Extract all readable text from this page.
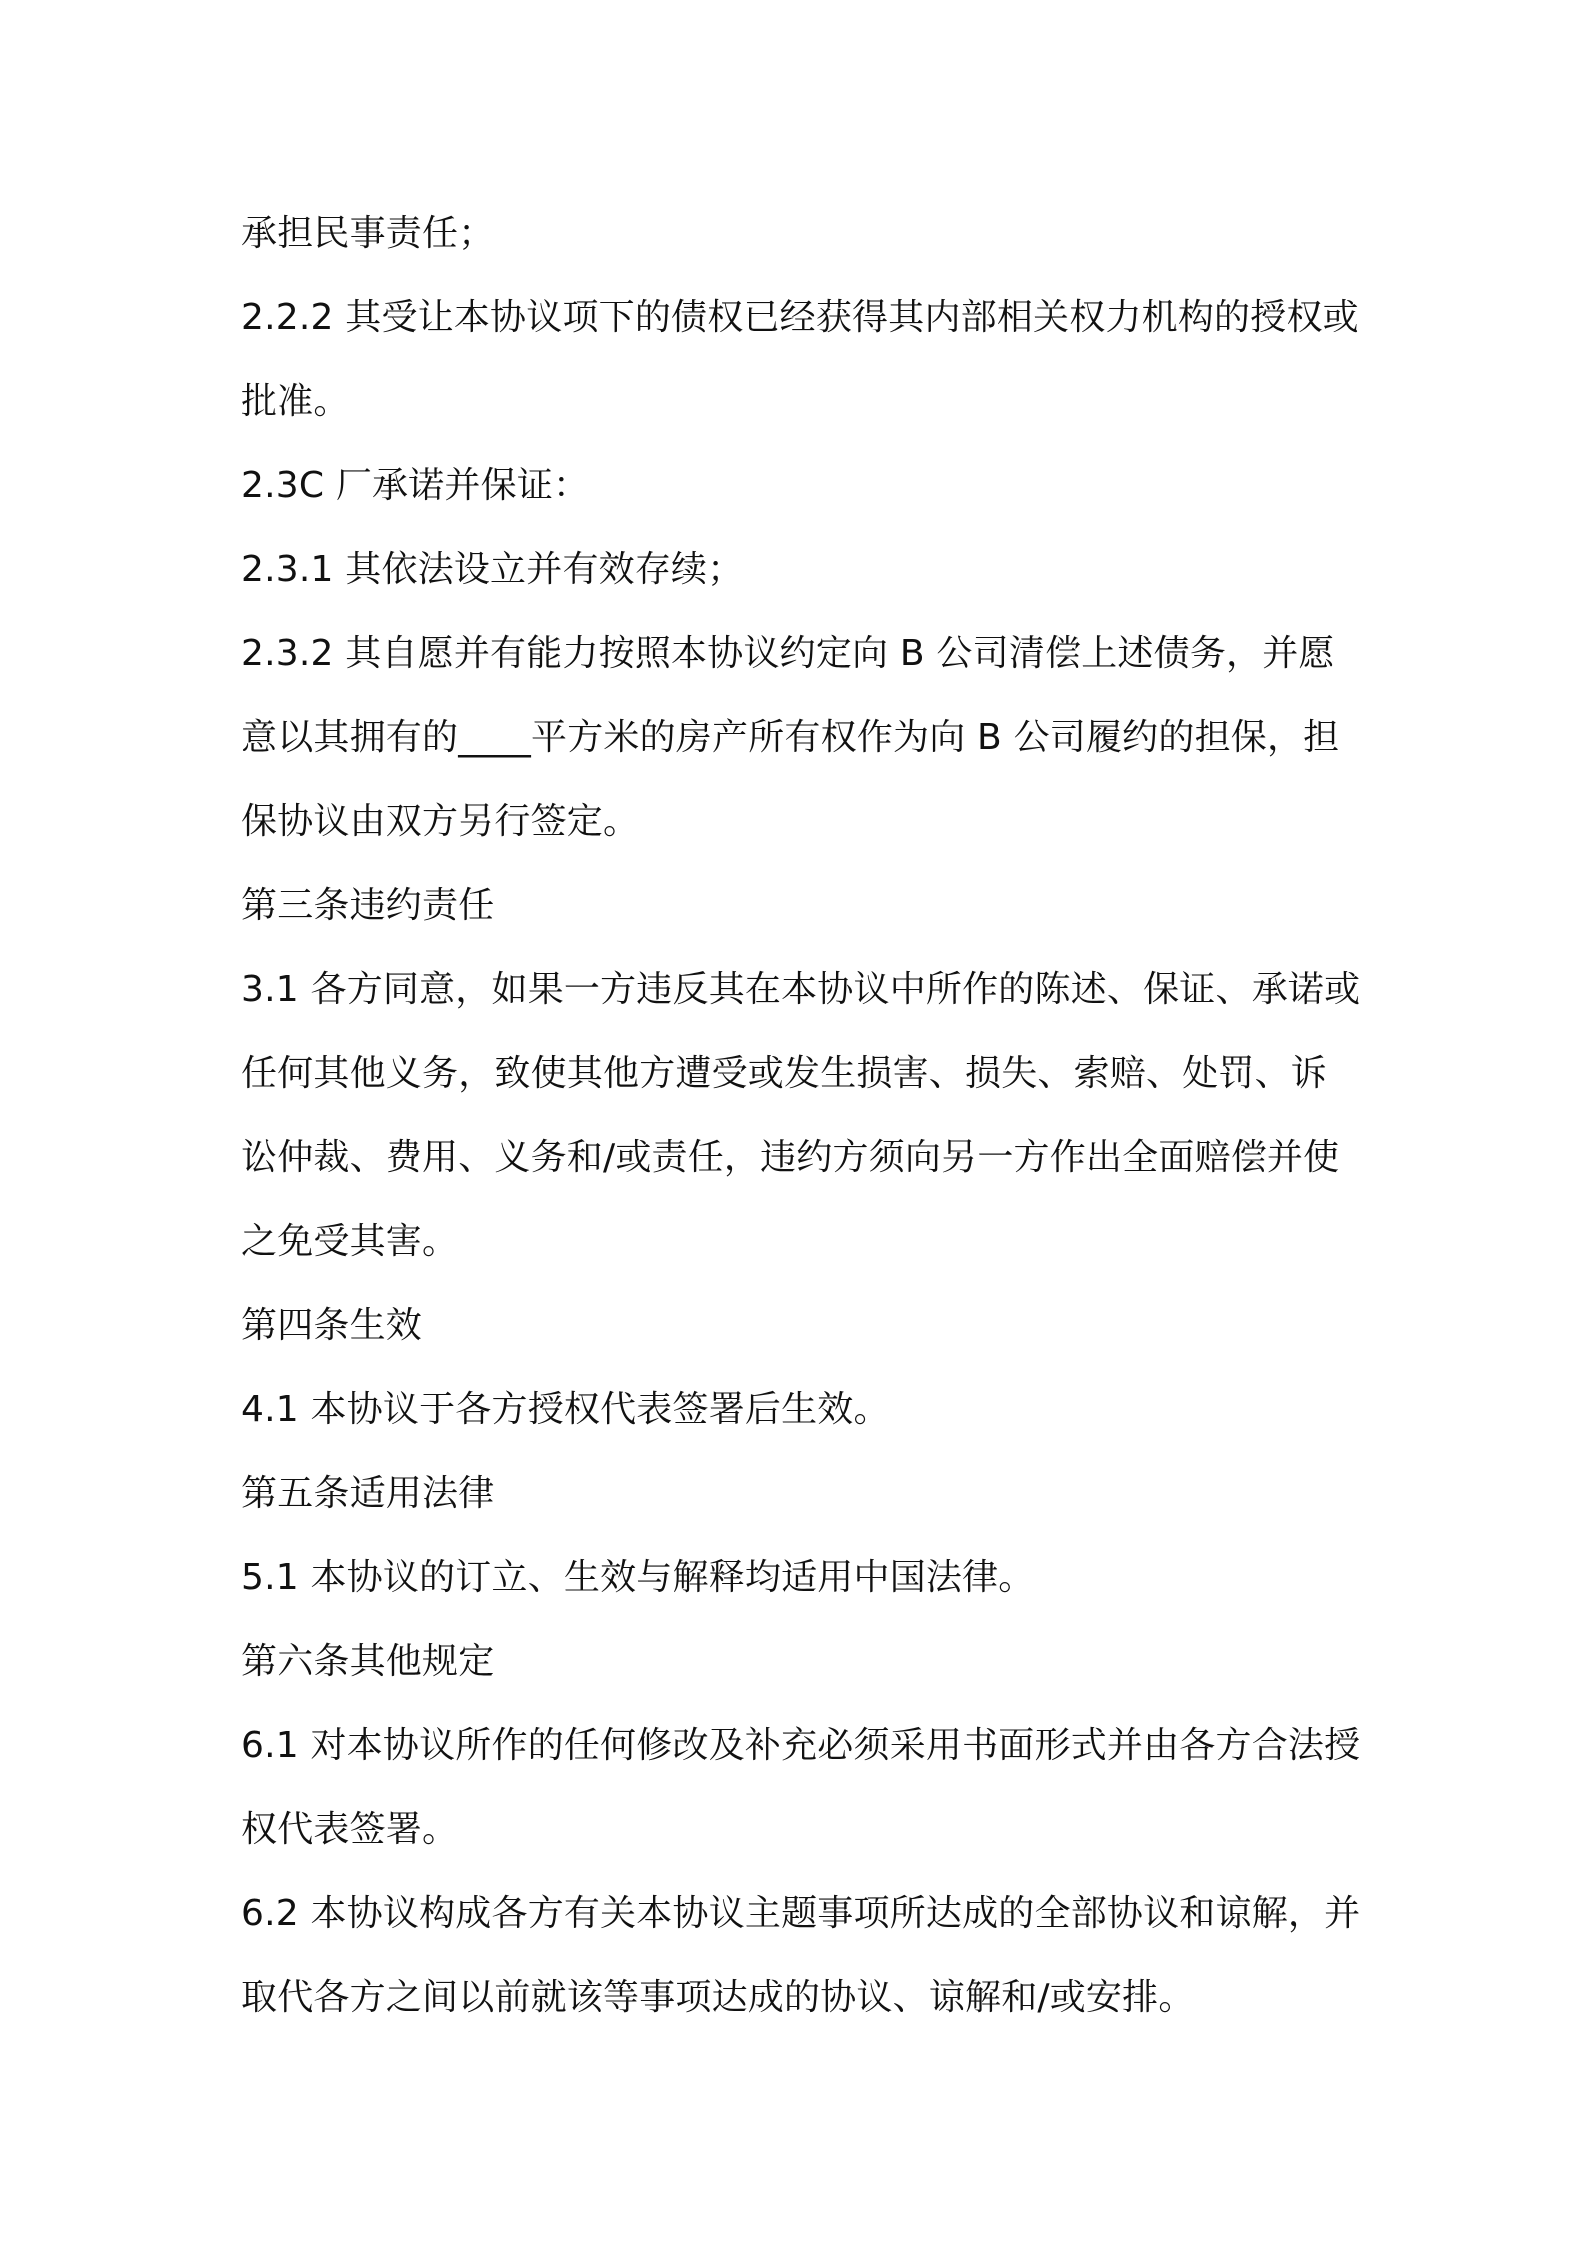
承担民事责任；

2.2.2 其受让本协议项下的债权已经获得其内部相关权力机构的授权或批准。

2.3C 厂承诺并保证：

2.3.1 其依法设立并有效存续；

2.3.2 其自愿并有能力按照本协议约定向 B 公司清偿上述债务，并愿意以其拥有的____平方米的房产所有权作为向 B 公司履约的担保，担保协议由双方另行签定。

第三条违约责任

3.1 各方同意，如果一方违反其在本协议中所作的陈述、保证、承诺或任何其他义务，致使其他方遭受或发生损害、损失、索赔、处罚、诉讼仲裁、费用、义务和/或责任，违约方须向另一方作出全面赔偿并使之免受其害。

第四条生效

4.1 本协议于各方授权代表签署后生效。

第五条适用法律

5.1 本协议的订立、生效与解释均适用中国法律。

第六条其他规定

6.1 对本协议所作的任何修改及补充必须采用书面形式并由各方合法授权代表签署。

6.2 本协议构成各方有关本协议主题事项所达成的全部协议和谅解，并取代各方之间以前就该等事项达成的协议、谅解和/或安排。
